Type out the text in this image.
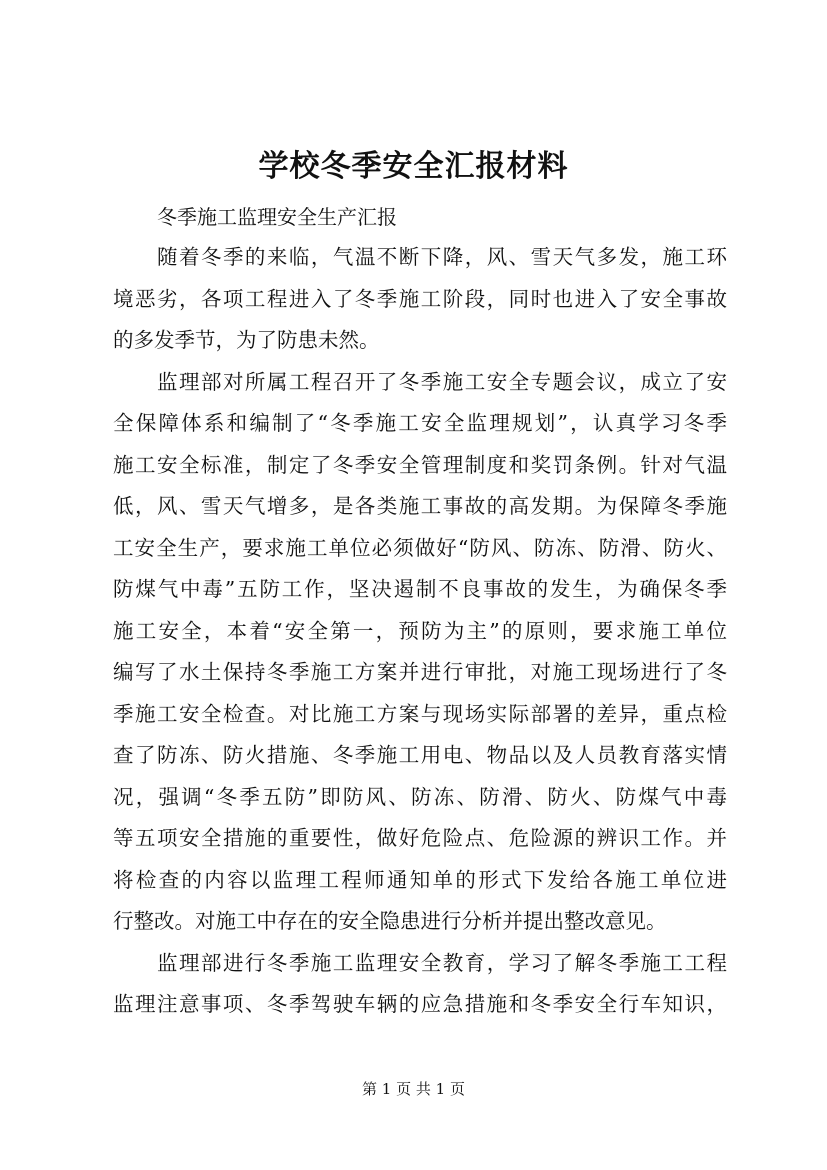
学校冬季安全汇报材料

冬季施工监理安全生产汇报

随着冬季的来临，气温不断下降，风、雪天气多发，施工环
境恶劣，各项工程进入了冬季施工阶段，同时也进入了安全事故
的多发季节，为了防患未然。
监理部对所属工程召开了冬季施工安全专题会议，成立了安
全保障体系和编制了“冬季施工安全监理规划”，认真学习冬季
施工安全标准，制定了冬季安全管理制度和奖罚条例。针对气温
低，风、雪天气增多，是各类施工事故的高发期。为保障冬季施
工安全生产，要求施工单位必须做好“防风、防冻、防滑、防火、
防煤气中毒”五防工作，坚决遏制不良事故的发生，为确保冬季
施工安全，本着“安全第一，预防为主”的原则，要求施工单位
编写了水土保持冬季施工方案并进行审批，对施工现场进行了冬
季施工安全检查。对比施工方案与现场实际部署的差异，重点检
查了防冻、防火措施、冬季施工用电、物品以及人员教育落实情
况，强调“冬季五防”即防风、防冻、防滑、防火、防煤气中毒
等五项安全措施的重要性，做好危险点、危险源的辨识工作。并
将检查的内容以监理工程师通知单的形式下发给各施工单位进
行整改。对施工中存在的安全隐患进行分析并提出整改意见。
监理部进行冬季施工监理安全教育，学习了解冬季施工工程
监理注意事项、冬季驾驶车辆的应急措施和冬季安全行车知识，
第 1 页 共 1 页
